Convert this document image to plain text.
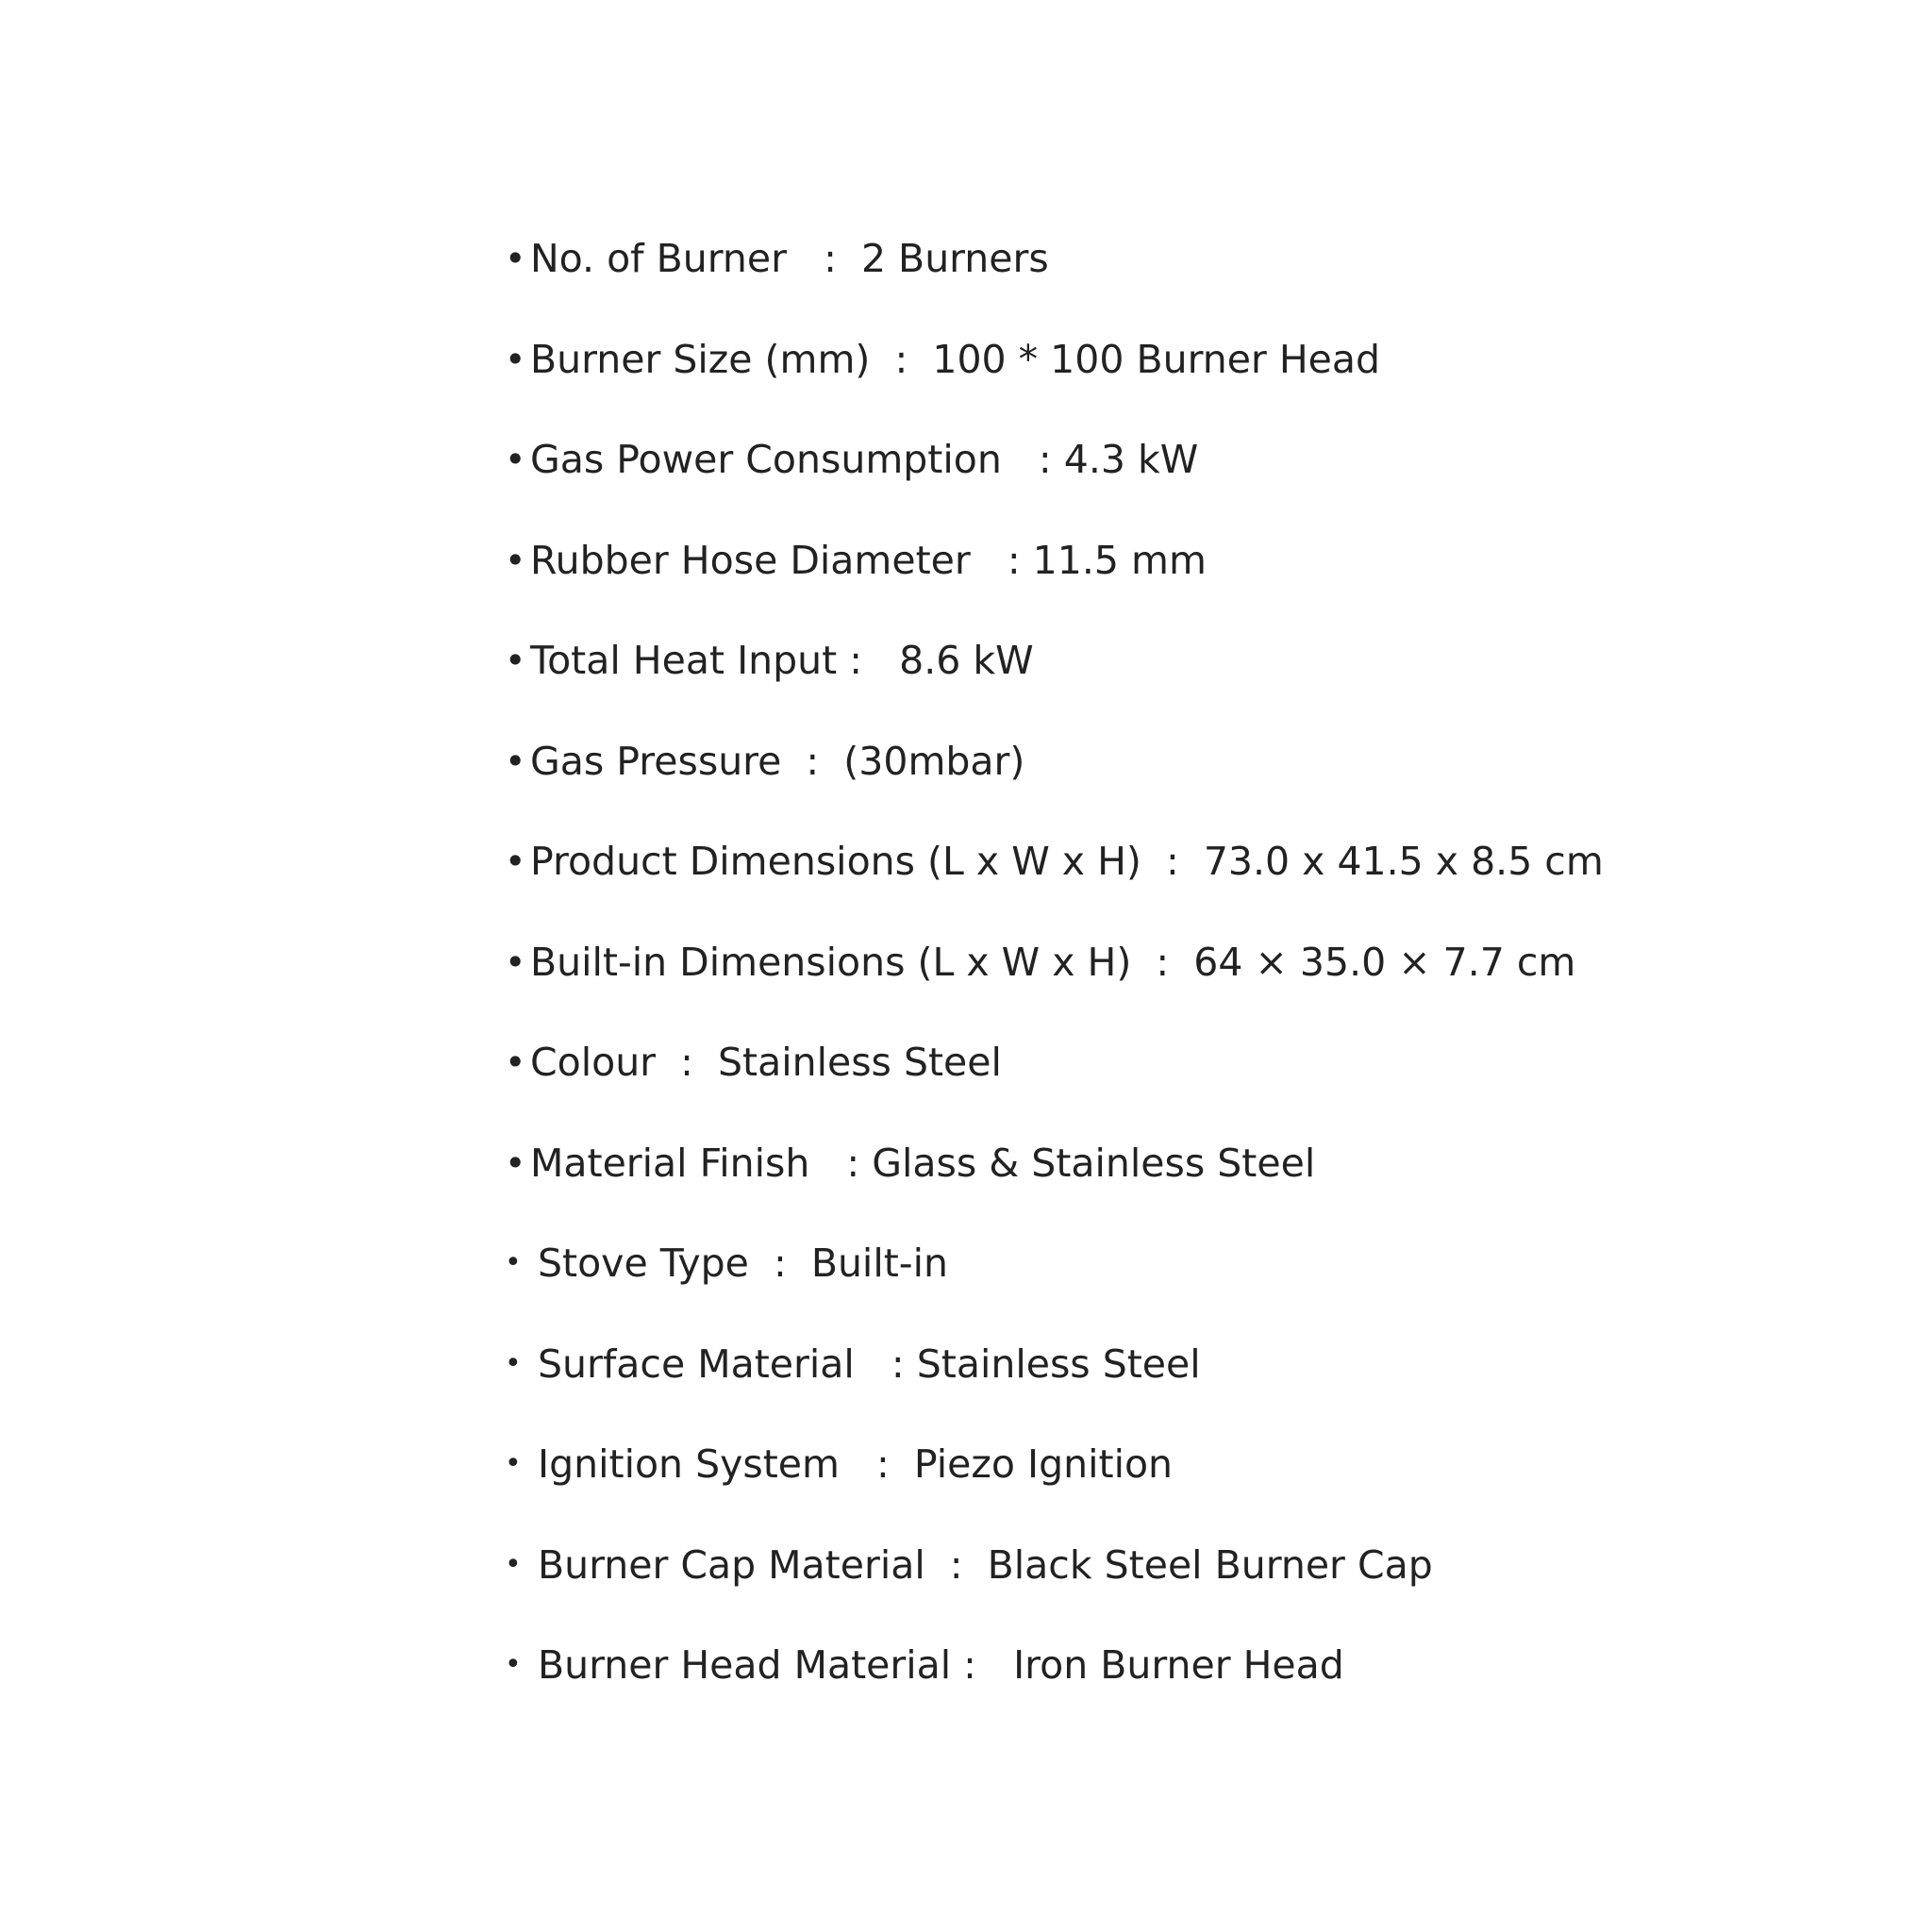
• No. of Burner   :  2 Burners
• Burner Size (mm)  :  100 * 100 Burner Head
• Gas Power Consumption   : 4.3 kW
• Rubber Hose Diameter   : 11.5 mm
• Total Heat Input :   8.6 kW
• Gas Pressure  :  (30mbar)
• Product Dimensions (L x W x H)  :  73.0 x 41.5 x 8.5 cm
• Built-in Dimensions (L x W x H)  :  64 × 35.0 × 7.7 cm
• Colour  :  Stainless Steel
• Material Finish   : Glass & Stainless Steel
• Stove Type  :  Built-in
• Surface Material   : Stainless Steel
• Ignition System   :  Piezo Ignition
• Burner Cap Material  :  Black Steel Burner Cap
• Burner Head Material :   Iron Burner Head
